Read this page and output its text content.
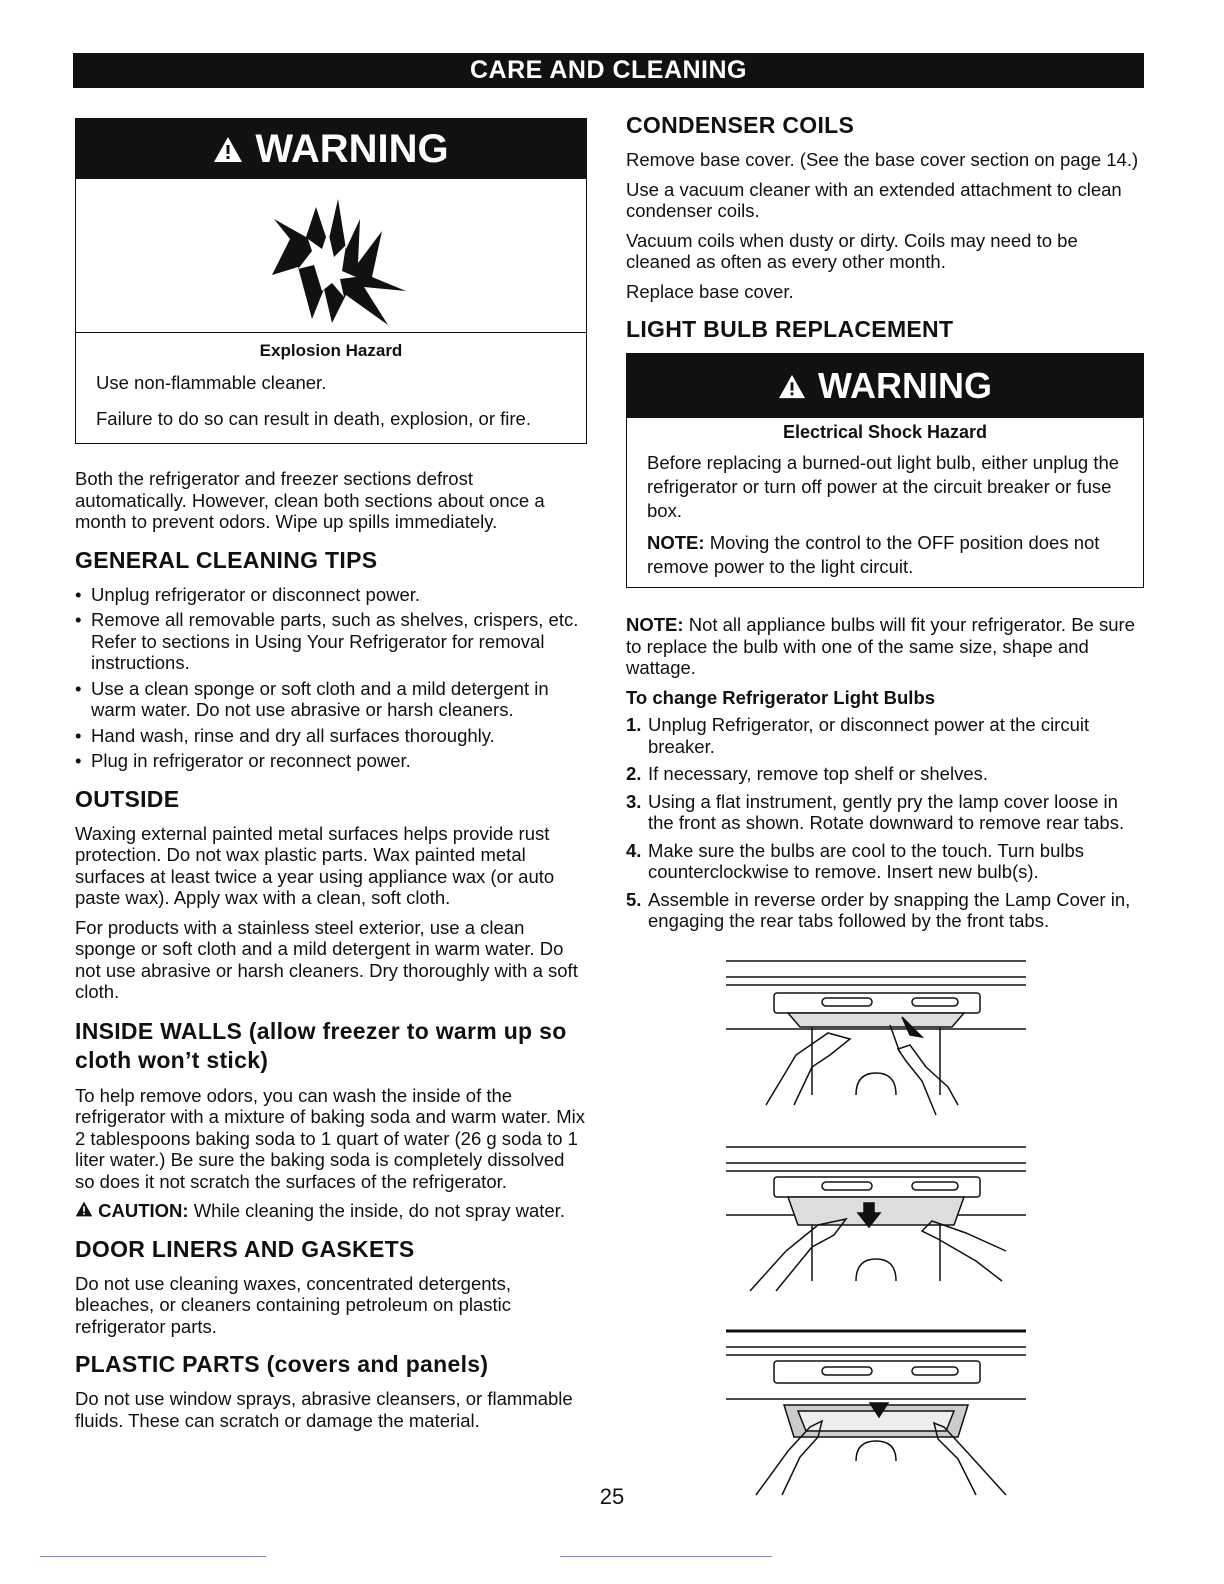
CARE AND CLEANING
WARNING
Explosion Hazard

Use non-flammable cleaner.

Failure to do so can result in death, explosion, or fire.

Both the refrigerator and freezer sections defrost automatically. However, clean both sections about once a month to prevent odors. Wipe up spills immediately.

GENERAL CLEANING TIPS
• Unplug refrigerator or disconnect power.
• Remove all removable parts, such as shelves, crispers, etc. Refer to sections in Using Your Refrigerator for removal instructions.
• Use a clean sponge or soft cloth and a mild detergent in warm water. Do not use abrasive or harsh cleaners.
• Hand wash, rinse and dry all surfaces thoroughly.
• Plug in refrigerator or reconnect power.
OUTSIDE

Waxing external painted metal surfaces helps provide rust protection. Do not wax plastic parts. Wax painted metal surfaces at least twice a year using appliance wax (or auto paste wax). Apply wax with a clean, soft cloth.

For products with a stainless steel exterior, use a clean sponge or soft cloth and a mild detergent in warm water. Do not use abrasive or harsh cleaners. Dry thoroughly with a soft cloth.

INSIDE WALLS (allow freezer to warm up so cloth won’t stick)

To help remove odors, you can wash the inside of the refrigerator with a mixture of baking soda and warm water. Mix 2 tablespoons baking soda to 1 quart of water (26 g soda to 1 liter water.) Be sure the baking soda is completely dissolved so does it not scratch the surfaces of the refrigerator.

CAUTION: While cleaning the inside, do not spray water.

DOOR LINERS AND GASKETS

Do not use cleaning waxes, concentrated detergents, bleaches, or cleaners containing petroleum on plastic refrigerator parts.

PLASTIC PARTS (covers and panels)

Do not use window sprays, abrasive cleansers, or flammable fluids. These can scratch or damage the material.

CONDENSER COILS

Remove base cover. (See the base cover section on page 14.)

Use a vacuum cleaner with an extended attachment to clean condenser coils.

Vacuum coils when dusty or dirty. Coils may need to be cleaned as often as every other month.

Replace base cover.

LIGHT BULB REPLACEMENT
WARNING
Electrical Shock Hazard

Before replacing a burned-out light bulb, either unplug the refrigerator or turn off power at the circuit breaker or fuse box.

NOTE: Moving the control to the OFF position does not remove power to the light circuit.

NOTE: Not all appliance bulbs will fit your refrigerator. Be sure to replace the bulb with one of the same size, shape and wattage.

To change Refrigerator Light Bulbs

1. Unplug Refrigerator, or disconnect power at the circuit breaker.
2. If necessary, remove top shelf or shelves.
3. Using a flat instrument, gently pry the lamp cover loose in the front as shown. Rotate downward to remove rear tabs.
4. Make sure the bulbs are cool to the touch. Turn bulbs counterclockwise to remove. Insert new bulb(s).
5. Assemble in reverse order by snapping the Lamp Cover in, engaging the rear tabs followed by the front tabs.
25
